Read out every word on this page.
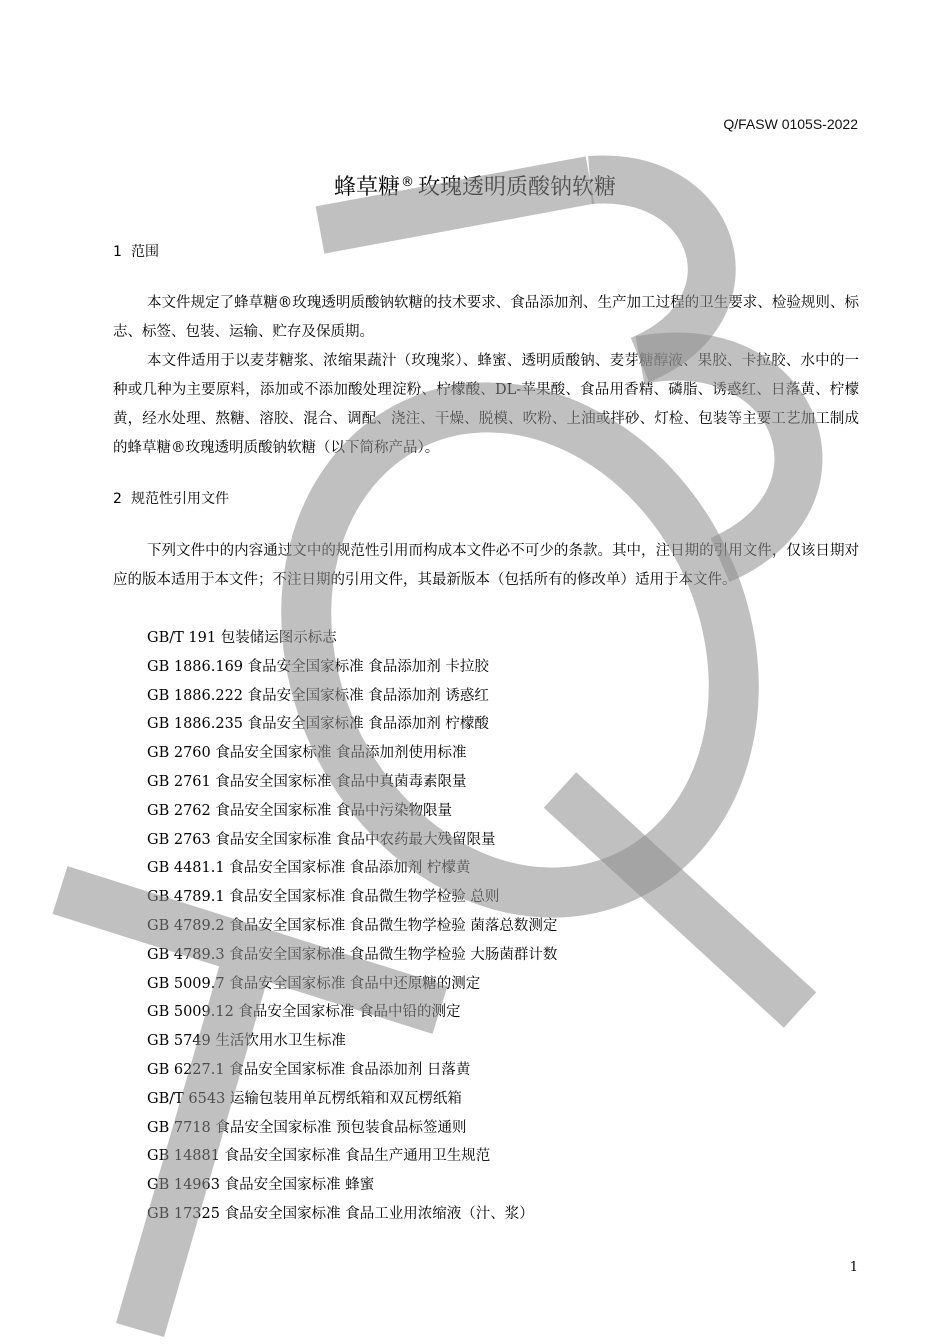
Q/FASW 0105S-2022
蜂草糖® 玫瑰透明质酸钠软糖
1 范围

本文件规定了蜂草糖®玫瑰透明质酸钠软糖的技术要求、食品添加剂、生产加工过程的卫生要求、检验规则、标志、标签、包装、运输、贮存及保质期。

本文件适用于以麦芽糖浆、浓缩果蔬汁（玫瑰浆）、蜂蜜、透明质酸钠、麦芽糖醇液、果胶、卡拉胶、水中的一种或几种为主要原料，添加或不添加酸处理淀粉、柠檬酸、DL-苹果酸、食品用香精、磷脂、诱惑红、日落黄、柠檬黄，经水处理、熬糖、溶胶、混合、调配、浇注、干燥、脱模、吹粉、上油或拌砂、灯检、包装等主要工艺加工制成的蜂草糖®玫瑰透明质酸钠软糖（以下简称产品）。

2 规范性引用文件

下列文件中的内容通过文中的规范性引用而构成本文件必不可少的条款。其中，注日期的引用文件，仅该日期对应的版本适用于本文件；不注日期的引用文件，其最新版本（包括所有的修改单）适用于本文件。

GB/T 191 包装储运图示标志
GB 1886.169 食品安全国家标准 食品添加剂 卡拉胶
GB 1886.222 食品安全国家标准 食品添加剂 诱惑红
GB 1886.235 食品安全国家标准 食品添加剂 柠檬酸
GB 2760 食品安全国家标准 食品添加剂使用标准
GB 2761 食品安全国家标准 食品中真菌毒素限量
GB 2762 食品安全国家标准 食品中污染物限量
GB 2763 食品安全国家标准 食品中农药最大残留限量
GB 4481.1 食品安全国家标准 食品添加剂 柠檬黄
GB 4789.1 食品安全国家标准 食品微生物学检验 总则
GB 4789.2 食品安全国家标准 食品微生物学检验 菌落总数测定
GB 4789.3 食品安全国家标准 食品微生物学检验 大肠菌群计数
GB 5009.7 食品安全国家标准 食品中还原糖的测定
GB 5009.12 食品安全国家标准 食品中铅的测定
GB 5749 生活饮用水卫生标准
GB 6227.1 食品安全国家标准 食品添加剂 日落黄
GB/T 6543 运输包装用单瓦楞纸箱和双瓦楞纸箱
GB 7718 食品安全国家标准 预包装食品标签通则
GB 14881 食品安全国家标准 食品生产通用卫生规范
GB 14963 食品安全国家标准 蜂蜜
GB 17325 食品安全国家标准 食品工业用浓缩液（汁、浆）
1
